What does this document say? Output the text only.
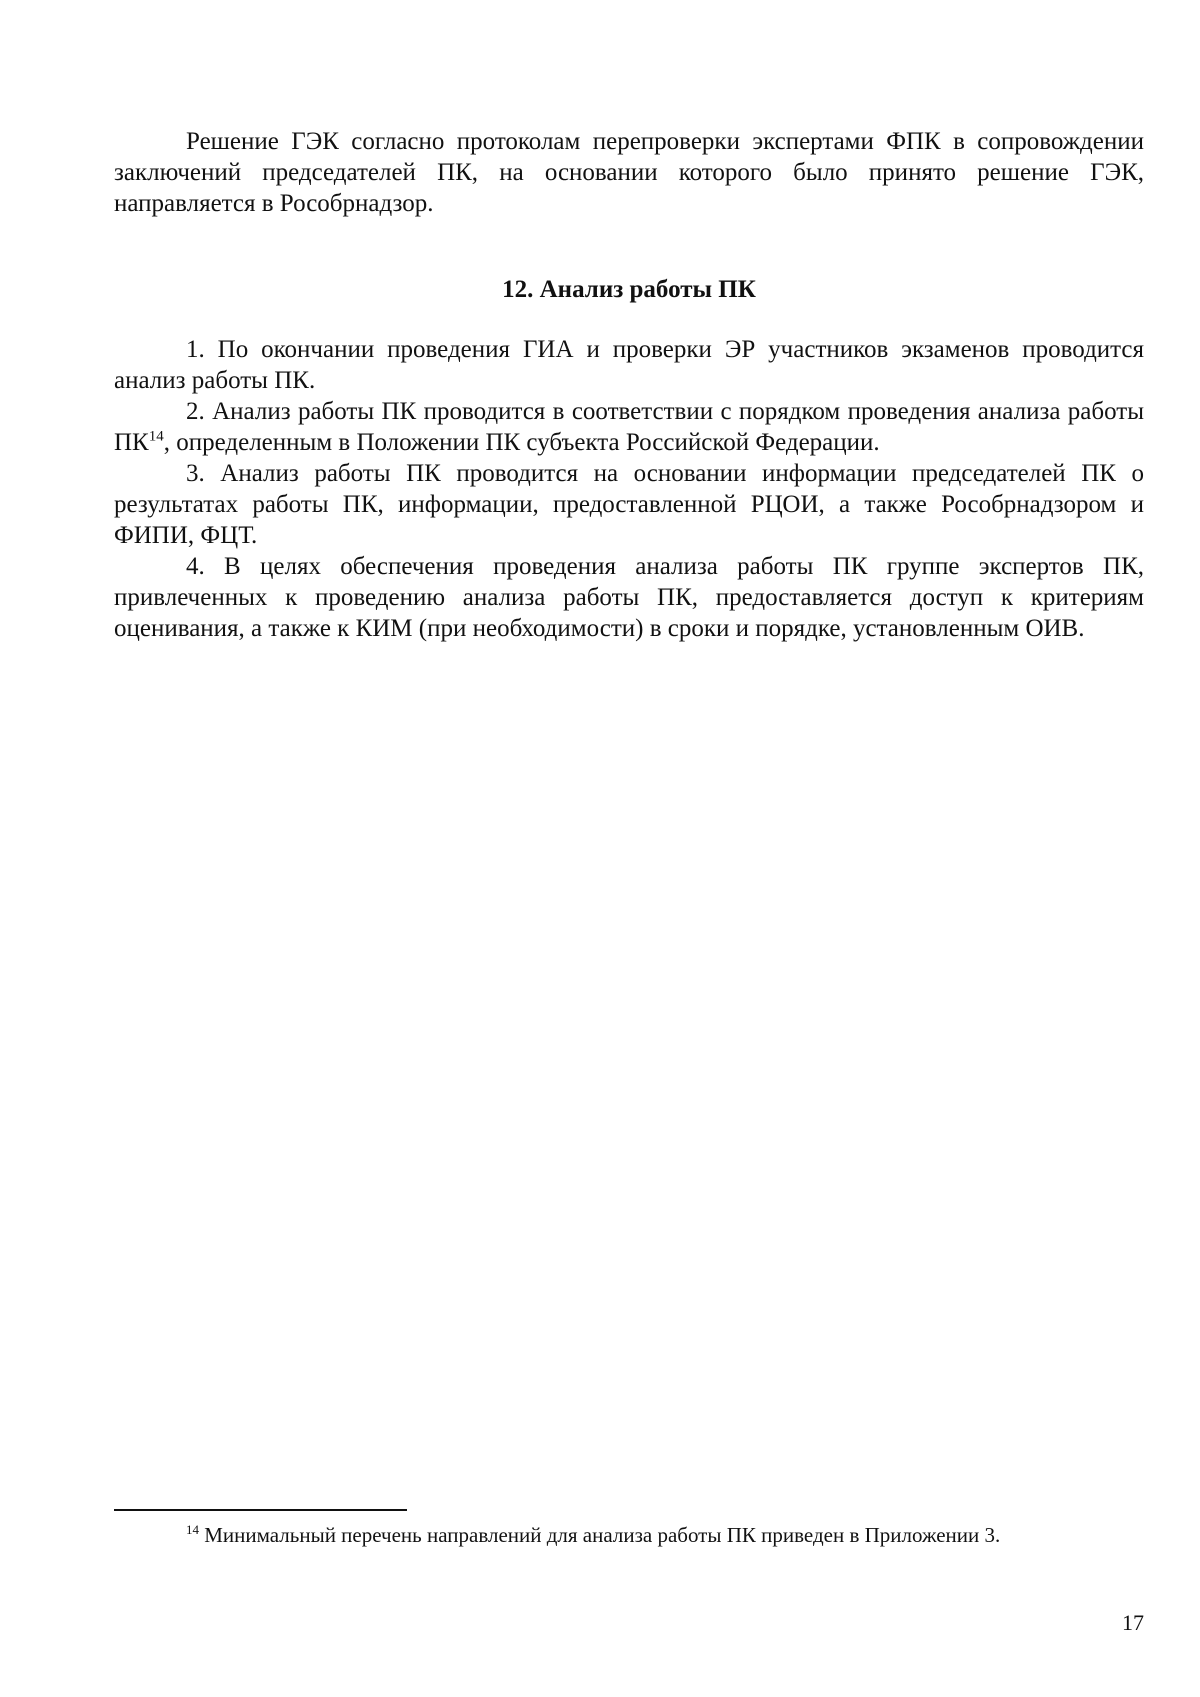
Решение ГЭК согласно протоколам перепроверки экспертами ФПК в сопровождении заключений председателей ПК, на основании которого было принято решение ГЭК, направляется в Рособрнадзор.

12. Анализ работы ПК

1. По окончании проведения ГИА и проверки ЭР участников экзаменов проводится анализ работы ПК.

2. Анализ работы ПК проводится в соответствии с порядком проведения анализа работы ПК$^{14}$, определенным в Положении ПК субъекта Российской Федерации.

3. Анализ работы ПК проводится на основании информации председателей ПК о результатах работы ПК, информации, предоставленной РЦОИ, а также Рособрнадзором и ФИПИ, ФЦТ.

4. В целях обеспечения проведения анализа работы ПК группе экспертов ПК, привлеченных к проведению анализа работы ПК, предоставляется доступ к критериям оценивания, а также к КИМ (при необходимости) в сроки и порядке, установленным ОИВ.

$^{14}$ Минимальный перечень направлений для анализа работы ПК приведен в Приложении 3.

17
